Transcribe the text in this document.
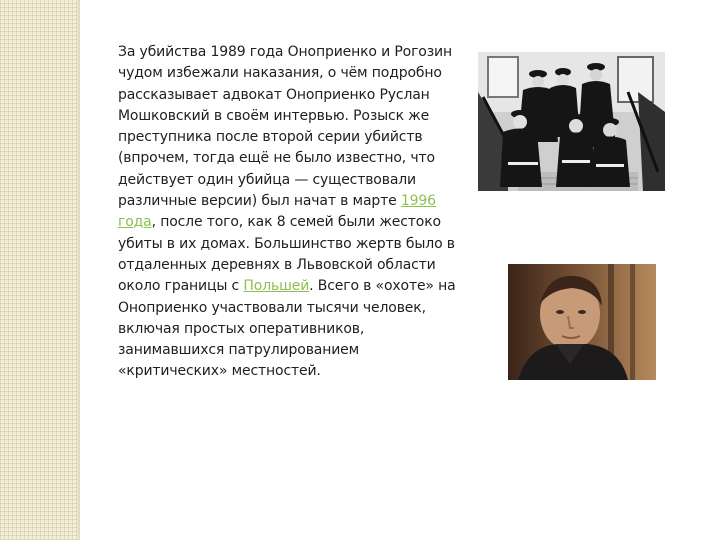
За убийства 1989 года Оноприенко и Рогозин чудом избежали наказания, о чём подробно рассказывает адвокат Оноприенко Руслан Мошковский в своём интервью. Розыск же преступника после второй серии убийств (впрочем, тогда ещё не было известно, что действует один убийца — существовали различные версии) был начат в марте 1996 года, после того, как 8 семей были жестоко убиты в их домах. Большинство жертв было в отдаленных деревнях в Львовской области около границы с Польшей. Всего в «охоте» на Оноприенко участвовали тысячи человек, включая простых оперативников, занимавшихся патрулированием «критических» местностей.
